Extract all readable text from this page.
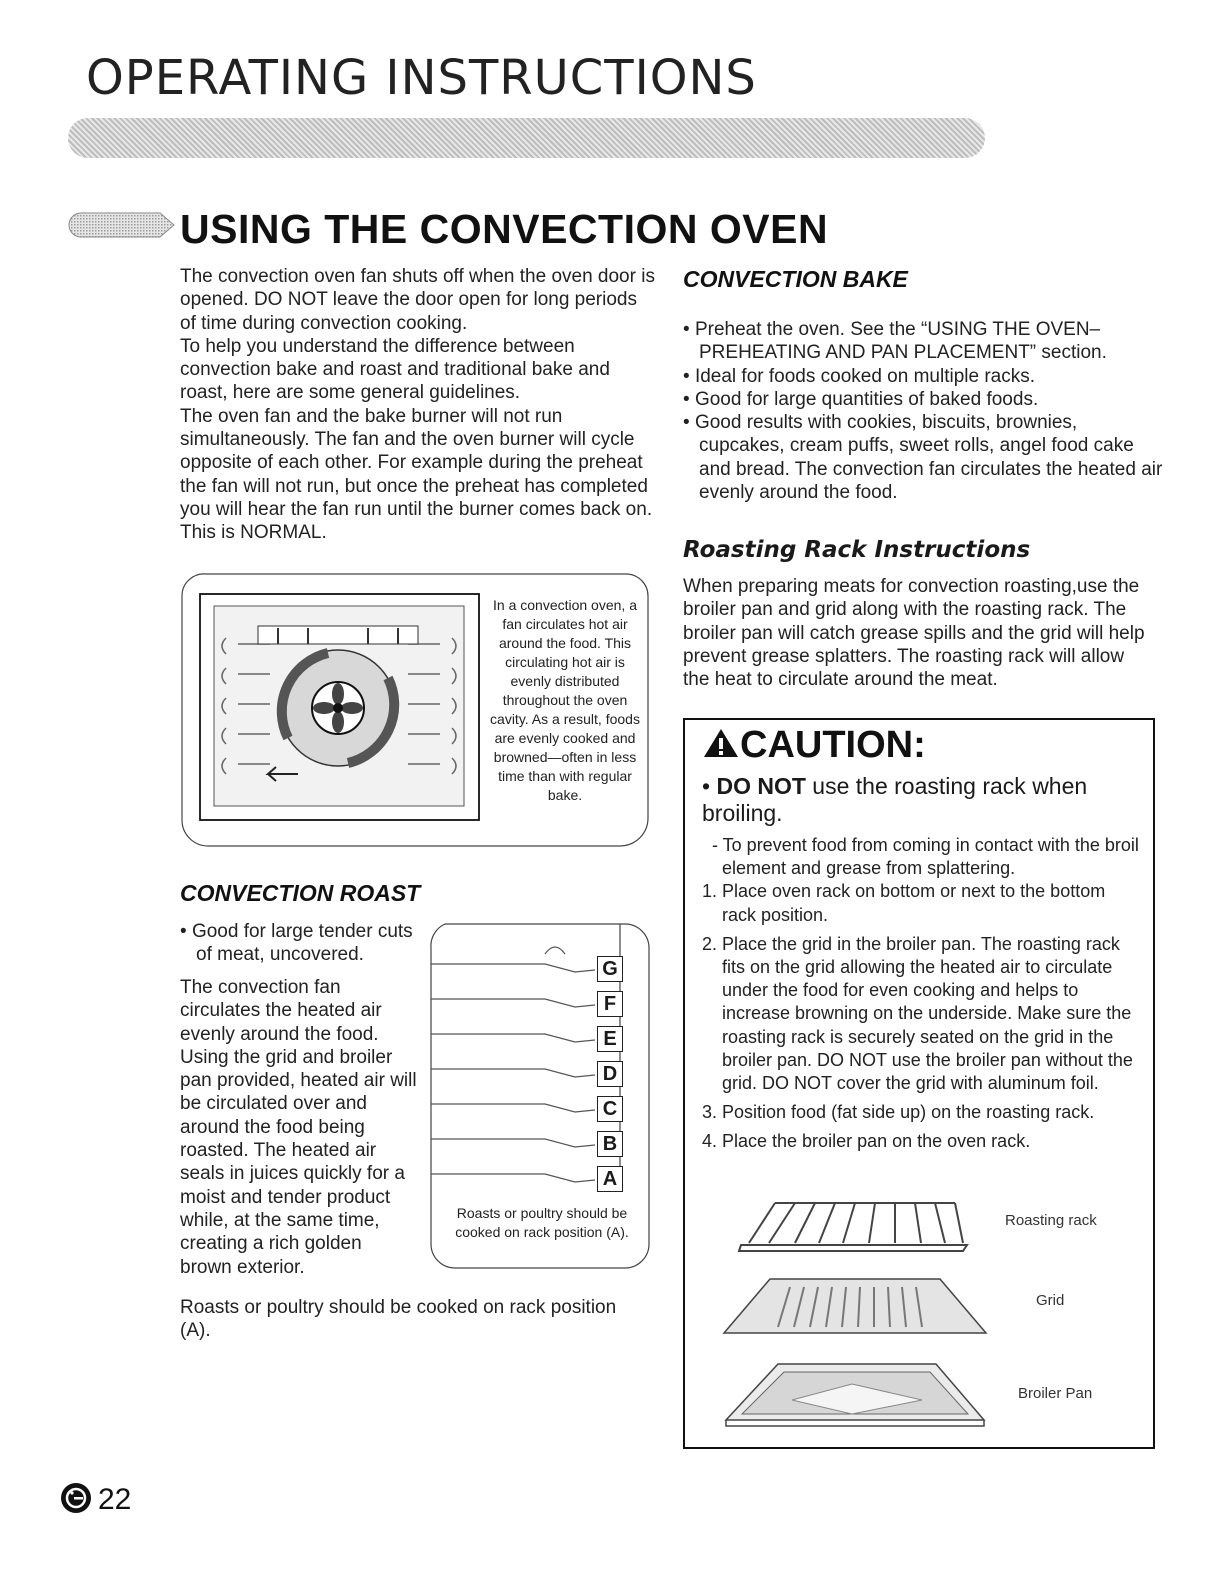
OPERATING INSTRUCTIONS
USING THE CONVECTION OVEN

The convection oven fan shuts off when the oven door is opened. DO NOT leave the door open for long periods of time during convection cooking.

To help you understand the difference between convection bake and roast and traditional bake and roast, here are some general guidelines.

The oven fan and the bake burner will not run simultaneously. The fan and the oven burner will cycle opposite of each other. For example during the preheat the fan will not run, but once the preheat has completed you will hear the fan run until the burner comes back on. This is NORMAL.

In a convection oven, a fan circulates hot air around the food. This circulating hot air is evenly distributed throughout the oven cavity. As a result, foods are evenly cooked and browned—often in less time than with regular bake.
CONVECTION ROAST
• Good for large tender cuts of meat, uncovered.
The convection fan circulates the heated air evenly around the food. Using the grid and broiler pan provided, heated air will be circulated over and around the food being roasted. The heated air seals in juices quickly for a moist and tender product while, at the same time, creating a rich golden brown exterior.
G
F
E
D
C
B
A
Roasts or poultry should be cooked on rack position (A).
Roasts or poultry should be cooked on rack position (A).
CONVECTION BAKE
• Preheat the oven. See the “USING THE OVEN– PREHEATING AND PAN PLACEMENT” section.
• Ideal for foods cooked on multiple racks.
• Good for large quantities of baked foods.
• Good results with cookies, biscuits, brownies, cupcakes, cream puffs, sweet rolls, angel food cake and bread. The convection fan circulates the heated air evenly around the food.
Roasting Rack Instructions
When preparing meats for convection roasting,use the broiler pan and grid along with the roasting rack. The broiler pan will catch grease spills and the grid will help prevent grease splatters. The roasting rack will allow the heat to circulate around the meat.
CAUTION:
• DO NOT use the roasting rack when broiling.
- To prevent food from coming in contact with the broil element and grease from splattering.
1. Place oven rack on bottom or next to the bottom rack position.
2. Place the grid in the broiler pan. The roasting rack fits on the grid allowing the heated air to circulate under the food for even cooking and helps to increase browning on the underside. Make sure the roasting rack is securely seated on the grid in the broiler pan. DO NOT use the broiler pan without the grid. DO NOT cover the grid with aluminum foil.
3. Position food (fat side up) on the roasting rack.
4. Place the broiler pan on the oven rack.
Roasting rack
Grid
Broiler Pan
22
